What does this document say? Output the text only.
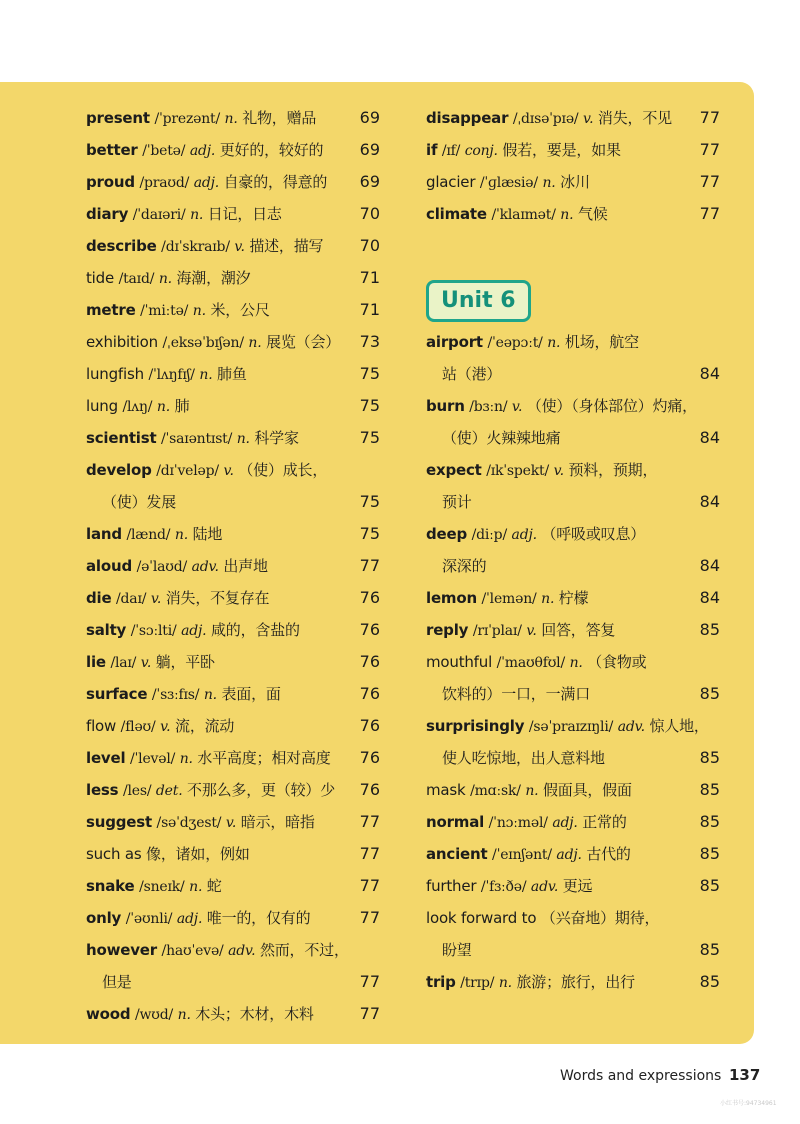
present /ˈprezənt/ n. 礼物，赠品	69
better /ˈbetə/ adj. 更好的，较好的 69
proud /praʊd/ adj. 自豪的，得意的 69
diary /ˈdaɪəri/ n. 日记，日志	70
describe /dɪˈskraɪb/ v. 描述，描写 70
tide /taɪd/ n. 海潮，潮汐	71
metre /ˈmiːtə/ n. 米，公尺	71
exhibition /ˌeksəˈbɪʃən/ n. 展览（会） 73
lungfish /ˈlʌŋfɪʃ/ n. 肺鱼	75
lung /lʌŋ/ n. 肺	75
scientist /ˈsaɪəntɪst/ n. 科学家	75
develop /dɪˈveləp/ v. （使）成长，
（使）发展	75
land /lænd/ n. 陆地	75
aloud /əˈlaʊd/ adv. 出声地	77
die /daɪ/ v. 消失，不复存在	76
salty /ˈsɔːlti/ adj. 咸的，含盐的	76
lie /laɪ/ v. 躺，平卧	76
surface /ˈsɜːfɪs/ n. 表面，面	76
flow /fləʊ/ v. 流，流动	76
level /ˈlevəl/ n. 水平高度；相对高度 76
less /les/ det. 不那么多，更（较）少 76
suggest /səˈdʒest/ v. 暗示，暗指	77
such as 像，诸如，例如	77
snake /sneɪk/ n. 蛇	77
only /ˈəʊnli/ adj. 唯一的，仅有的	77
however /haʊˈevə/ adv. 然而，不过，
但是	77
wood /wʊd/ n. 木头；木材，木料	77
disappear /ˌdɪsəˈpɪə/ v. 消失，不见 77
if /ɪf/ conj. 假若，要是，如果	77
glacier /ˈɡlæsiə/ n. 冰川	77
climate /ˈklaɪmət/ n. 气候	77
Unit 6
airport /ˈeəpɔːt/ n. 机场，航空
站（港）	84
burn /bɜːn/ v. （使）（身体部位）灼痛，
（使）火辣辣地痛	84
expect /ɪkˈspekt/ v. 预料，预期，
预计	84
deep /diːp/ adj. （呼吸或叹息）
深深的	84
lemon /ˈlemən/ n. 柠檬	84
reply /rɪˈplaɪ/ v. 回答，答复	85
mouthful /ˈmaʊθfʊl/ n. （食物或
饮料的）一口，一满口	85
surprisingly /səˈpraɪzɪŋli/ adv. 惊人地，
使人吃惊地，出人意料地	85
mask /mɑːsk/ n. 假面具，假面	85
normal /ˈnɔːməl/ adj. 正常的	85
ancient /ˈeɪnʃənt/ adj. 古代的	85
further /ˈfɜːðə/ adv. 更远	85
look forward to （兴奋地）期待，
盼望	85
trip /trɪp/ n. 旅游；旅行，出行	85
Words and expressions 137
小红书号:94734961
